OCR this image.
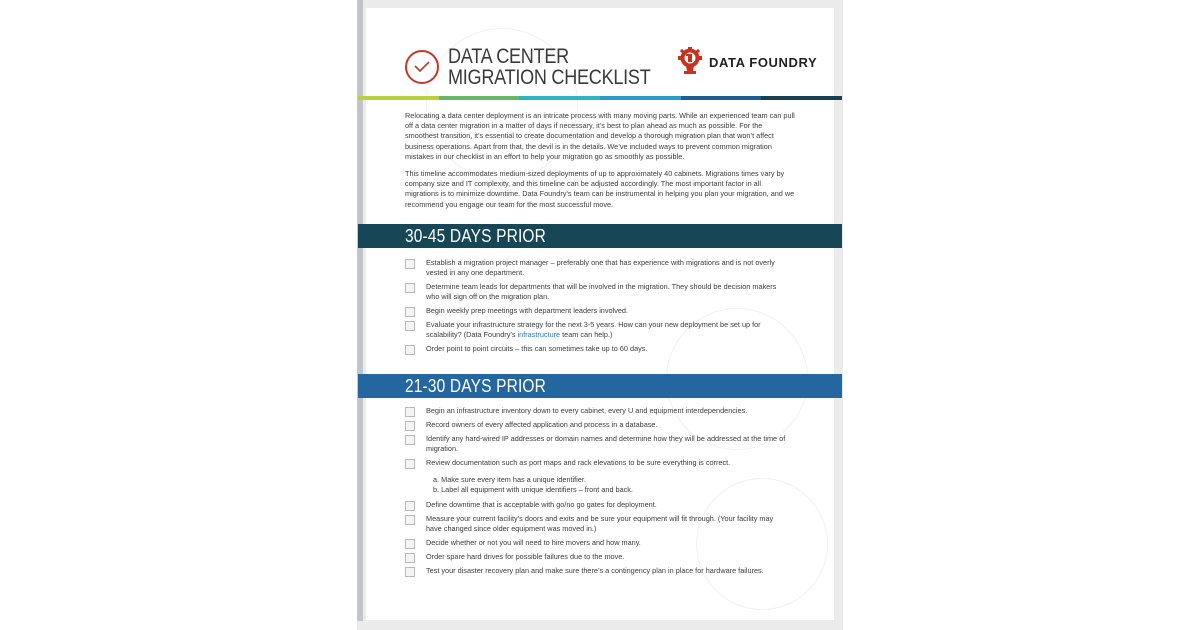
DATA CENTER
MIGRATION CHECKLIST
DATA FOUNDRY

Relocating a data center deployment is an intricate process with many moving parts. While an experienced team can pull off a data center migration in a matter of days if necessary, it’s best to plan ahead as much as possible. For the smoothest transition, it’s essential to create documentation and develop a thorough migration plan that won’t affect business operations. Apart from that, the devil is in the details. We’ve included ways to prevent common migration mistakes in our checklist in an effort to help your migration go as smoothly as possible.

This timeline accommodates medium-sized deployments of up to approximately 40 cabinets. Migrations times vary by company size and IT complexity, and this timeline can be adjusted accordingly. The most important factor in all migrations is to minimize downtime. Data Foundry’s team can be instrumental in helping you plan your migration, and we recommend you engage our team for the most successful move.

30-45 DAYS PRIOR
Establish a migration project manager – preferably one that has experience with migrations and is not overly vested in any one department.
Determine team leads for departments that will be involved in the migration. They should be decision makers who will sign off on the migration plan.
Begin weekly prep meetings with department leaders involved.
Evaluate your infrastructure strategy for the next 3-5 years. How can your new deployment be set up for scalability? (Data Foundry’s infrastructure team can help.)
Order point to point circuits – this can sometimes take up to 60 days.
21-30 DAYS PRIOR
Begin an infrastructure inventory down to every cabinet, every U and equipment interdependencies.
Record owners of every affected application and process in a database.
Identify any hard-wired IP addresses or domain names and determine how they will be addressed at the time of migration.
Review documentation such as port maps and rack elevations to be sure everything is correct.
a. Make sure every item has a unique identifier.
b. Label all equipment with unique identifiers – front and back.
Define downtime that is acceptable with go/no go gates for deployment.
Measure your current facility’s doors and exits and be sure your equipment will fit through. (Your facility may have changed since older equipment was moved in.)
Decide whether or not you will need to hire movers and how many.
Order spare hard drives for possible failures due to the move.
Test your disaster recovery plan and make sure there’s a contingency plan in place for hardware failures.
